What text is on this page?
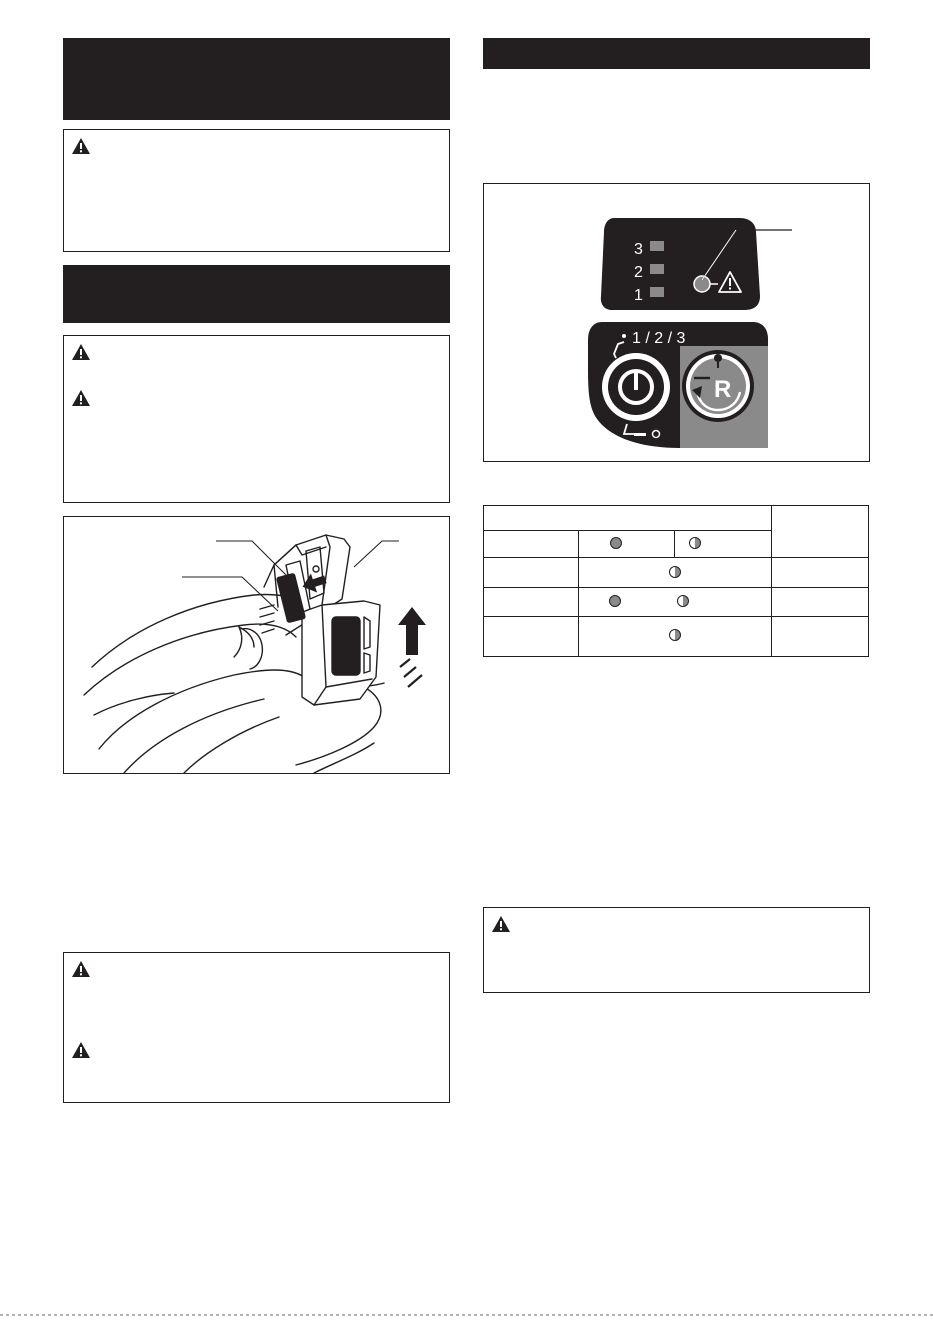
3
2
1
1 / 2 / 3
R
